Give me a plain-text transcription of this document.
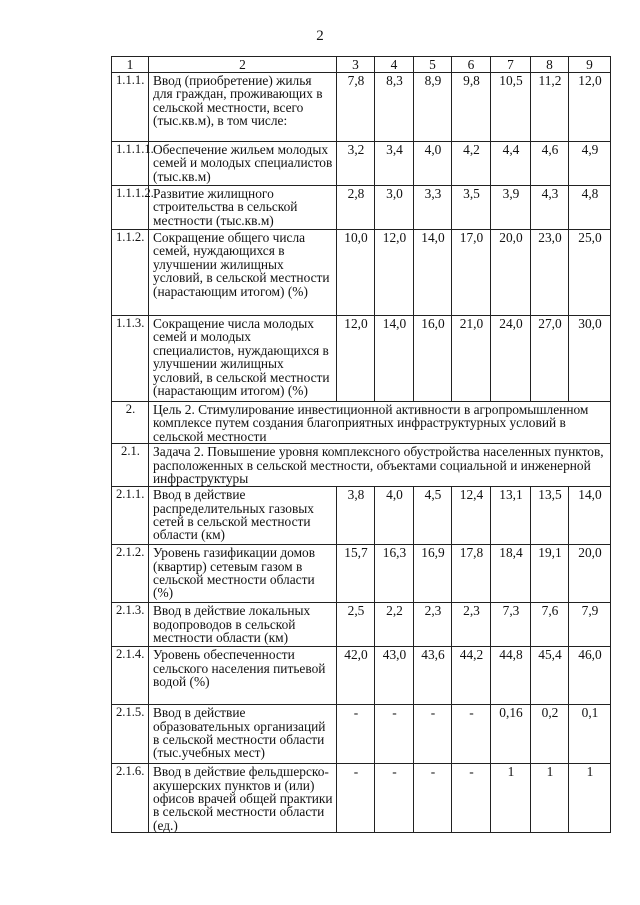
2
1	2	3	4	5	6	7	8	9
1.1.1.	Ввод (приобретение) жилья для граждан, проживающих в сельской местности, всего (тыс.кв.м), в том числе:	7,8	8,3	8,9	9,8	10,5	11,2	12,0
1.1.1.1.	Обеспечение жильем молодых семей и молодых специалистов (тыс.кв.м)	3,2	3,4	4,0	4,2	4,4	4,6	4,9
1.1.1.2.	Развитие жилищного строительства в сельской местности (тыс.кв.м)	2,8	3,0	3,3	3,5	3,9	4,3	4,8
1.1.2.	Сокращение общего числа семей, нуждающихся в улучшении жилищных условий, в сельской местности (нарастающим итогом) (%)	10,0	12,0	14,0	17,0	20,0	23,0	25,0
1.1.3.	Сокращение числа молодых семей и молодых специалистов, нуждающихся в улучшении жилищных условий, в сельской местности (нарастающим итогом) (%)	12,0	14,0	16,0	21,0	24,0	27,0	30,0
2.	Цель 2. Стимулирование инвестиционной активности в агропромышленном комплексе путем создания благоприятных инфраструктурных условий в сельской местности							
2.1.	Задача 2. Повышение уровня комплексного обустройства населенных пунктов, расположенных в сельской местности, объектами социальной и инженерной инфраструктуры							
2.1.1.	Ввод в действие распределительных газовых сетей в сельской местности области (км)	3,8	4,0	4,5	12,4	13,1	13,5	14,0
2.1.2.	Уровень газификации домов (квартир) сетевым газом в сельской местности области (%)	15,7	16,3	16,9	17,8	18,4	19,1	20,0
2.1.3.	Ввод в действие локальных водопроводов в сельской местности области (км)	2,5	2,2	2,3	2,3	7,3	7,6	7,9
2.1.4.	Уровень обеспеченности сельского населения питьевой водой (%)	42,0	43,0	43,6	44,2	44,8	45,4	46,0
2.1.5.	Ввод в действие образовательных организаций в сельской местности области (тыс.учебных мест)	-	-	-	-	0,16	0,2	0,1
2.1.6.	Ввод в действие фельдшерско-акушерских пунктов и (или) офисов врачей общей практики в сельской местности области (ед.)	-	-	-	-	1	1	1
